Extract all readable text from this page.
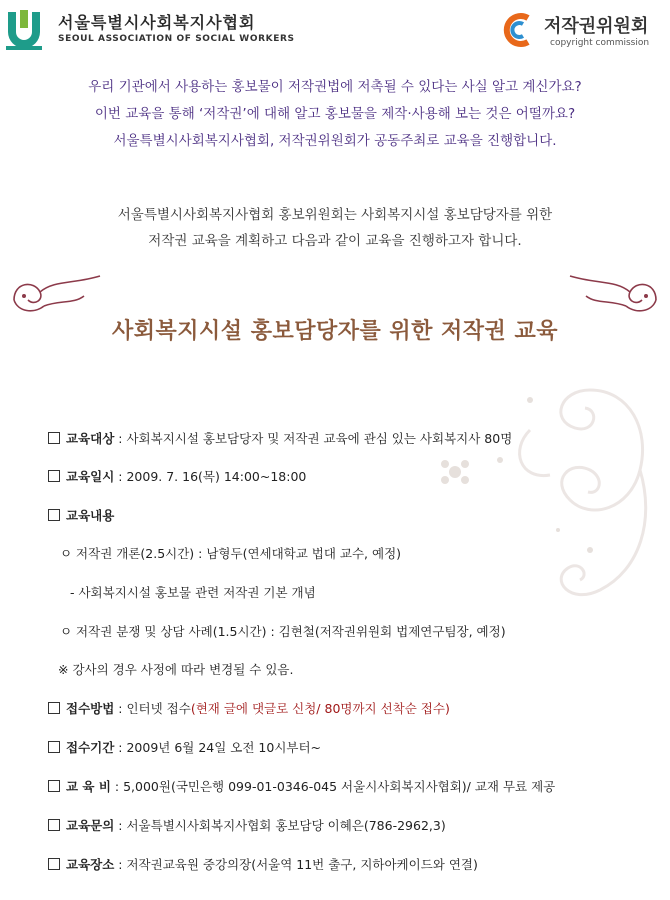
서울특별시사회복지사협회
SEOUL ASSOCIATION OF SOCIAL WORKERS
저작권위원회
copyright commission
우리 기관에서 사용하는 홍보물이 저작권법에 저촉될 수 있다는 사실 알고 계신가요?
이번 교육을 통해 ‘저작권’에 대해 알고 홍보물을 제작·사용해 보는 것은 어떨까요?
서울특별시사회복지사협회, 저작권위원회가 공동주최로 교육을 진행합니다.
서울특별시사회복지사협회 홍보위원회는 사회복지시설 홍보담당자를 위한
저작권 교육을 계획하고 다음과 같이 교육을 진행하고자 합니다.
사회복지시설 홍보담당자를 위한 저작권 교육
교육대상 : 사회복지시설 홍보담당자 및 저작권 교육에 관심 있는 사회복지사 80명
교육일시 : 2009. 7. 16(목) 14:00~18:00
교육내용
ㅇ 저작권 개론(2.5시간) : 남형두(연세대학교 법대 교수, 예정)
- 사회복지시설 홍보물 관련 저작권 기본 개념
ㅇ 저작권 분쟁 및 상담 사례(1.5시간) : 김현철(저작권위원회 법제연구팀장, 예정)
※ 강사의 경우 사정에 따라 변경될 수 있음.
접수방법 : 인터넷 접수(현재 글에 댓글로 신청/ 80명까지 선착순 접수)
접수기간 : 2009년 6월 24일 오전 10시부터~
교 육 비 : 5,000원(국민은행 099-01-0346-045 서울시사회복지사협회)/ 교재 무료 제공
교육문의 : 서울특별시사회복지사협회 홍보담당 이혜은(786-2962,3)
교육장소 : 저작권교육원 중강의장(서울역 11번 출구, 지하아케이드와 연결)
